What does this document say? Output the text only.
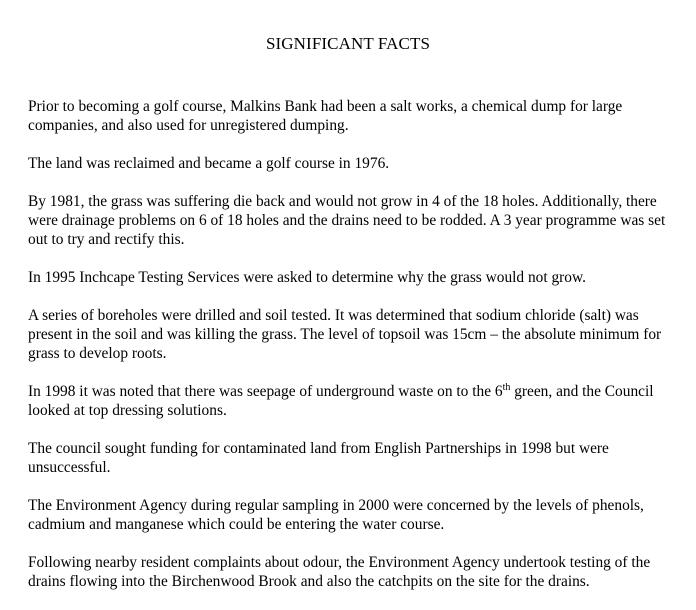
SIGNIFICANT FACTS

Prior to becoming a golf course, Malkins Bank had been a salt works, a chemical dump for large companies, and also used for unregistered dumping.

The land was reclaimed and became a golf course in 1976.

By 1981, the grass was suffering die back and would not grow in 4 of the 18 holes. Additionally, there were drainage problems on 6 of 18 holes and the drains need to be rodded. A 3 year programme was set out to try and rectify this.

In 1995 Inchcape Testing Services were asked to determine why the grass would not grow.

A series of boreholes were drilled and soil tested. It was determined that sodium chloride (salt) was present in the soil and was killing the grass. The level of topsoil was 15cm – the absolute minimum for grass to develop roots.

In 1998 it was noted that there was seepage of underground waste on to the 6th green, and the Council looked at top dressing solutions.

The council sought funding for contaminated land from English Partnerships in 1998 but were unsuccessful.

The Environment Agency during regular sampling in 2000 were concerned by the levels of phenols, cadmium and manganese which could be entering the water course.

Following nearby resident complaints about odour, the Environment Agency undertook testing of the drains flowing into the Birchenwood Brook and also the catchpits on the site for the drains.
